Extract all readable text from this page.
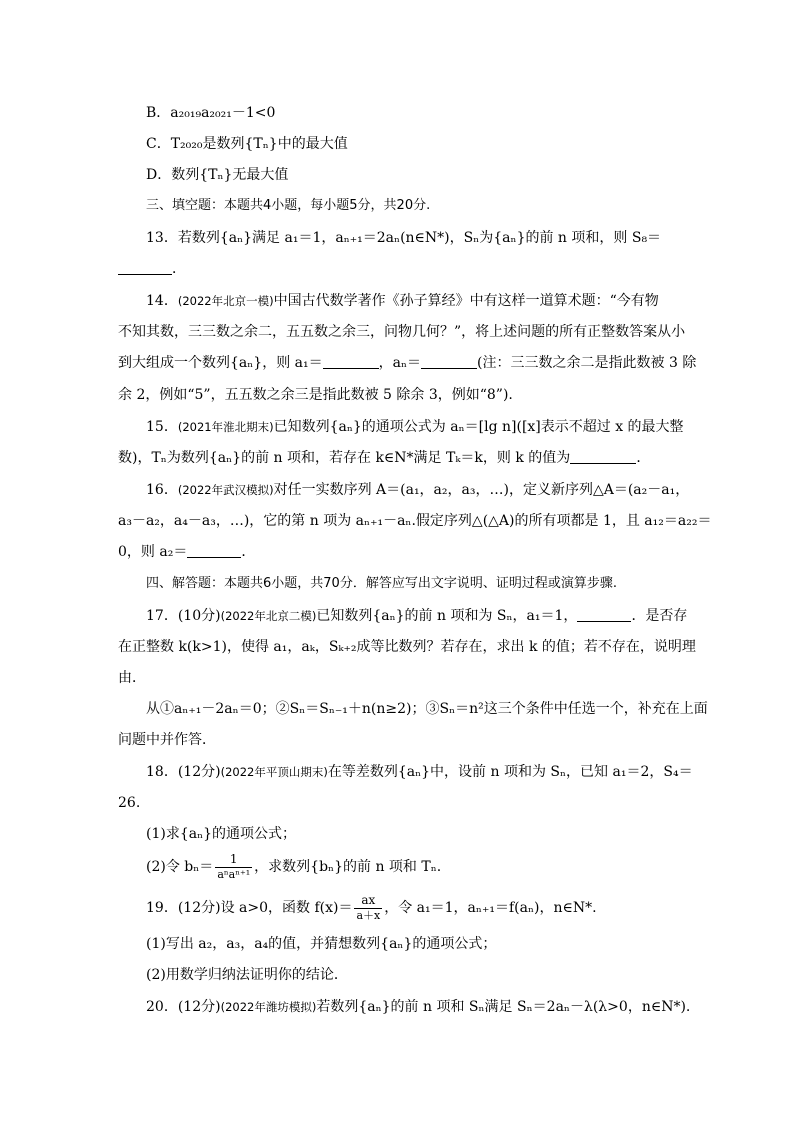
B．a₂₀₁₉a₂₀₂₁－1<0
C．T₂₀₂₀是数列{Tₙ}中的最大值
D．数列{Tₙ}无最大值
三、填空题：本题共4小题，每小题5分，共20分.
13．若数列{aₙ}满足 a₁＝1，aₙ₊₁＝2aₙ(n∈N*)，Sₙ为{aₙ}的前 n 项和，则 S₈＝
．
14．(2022年北京一模)中国古代数学著作《孙子算经》中有这样一道算术题：“今有物
不知其数，三三数之余二，五五数之余三，问物几何？”，将上述问题的所有正整数答案从小
到大组成一个数列{aₙ}，则 a₁＝	，aₙ＝	(注：三三数之余二是指此数被 3 除
余 2，例如“5”，五五数之余三是指此数被 5 除余 3，例如“8”).
15．(2021年淮北期末)已知数列{aₙ}的通项公式为 aₙ＝[lg n]([x]表示不超过 x 的最大整
数)，Tₙ为数列{aₙ}的前 n 项和，若存在 k∈N*满足 Tₖ＝k，则 k 的值为	．
16．(2022年武汉模拟)对任一实数序列 A＝(a₁，a₂，a₃，…)，定义新序列△A＝(a₂－a₁，
a₃－a₂，a₄－a₃，…)，它的第 n 项为 aₙ₊₁－aₙ.假定序列△(△A)的所有项都是 1，且 a₁₂＝a₂₂＝
0，则 a₂＝	．
四、解答题：本题共6小题，共70分．解答应写出文字说明、证明过程或演算步骤.
17．(10分)(2022年北京二模)已知数列{aₙ}的前 n 项和为 Sₙ，a₁＝1，	．是否存
在正整数 k(k>1)，使得 a₁，aₖ，Sₖ₊₂成等比数列？若存在，求出 k 的值；若不存在，说明理
由．
从①aₙ₊₁－2aₙ＝0；②Sₙ＝Sₙ₋₁＋n(n≥2)；③Sₙ＝n²这三个条件中任选一个，补充在上面
问题中并作答．
18．(12分)(2022年平顶山期末)在等差数列{aₙ}中，设前 n 项和为 Sₙ，已知 a₁＝2，S₄＝
26.
(1)求{aₙ}的通项公式；
(2)令 $b_n= \frac{1}{\text{aⁿaⁿ⁺¹}}$ ，求数列{bₙ}的前 n 项和 Tₙ.
19．(12分)设 a>0，函数 $f(x)= \frac{ax}{a+x}$ ，令 a₁＝1，aₙ₊₁＝f(aₙ)，n∈N*.
(1)写出 a₂，a₃，a₄的值，并猜想数列{aₙ}的通项公式；
(2)用数学归纳法证明你的结论．
20．(12分)(2022年潍坊模拟)若数列{aₙ}的前 n 项和 Sₙ满足 Sₙ＝2aₙ－λ(λ>0，n∈N*).
